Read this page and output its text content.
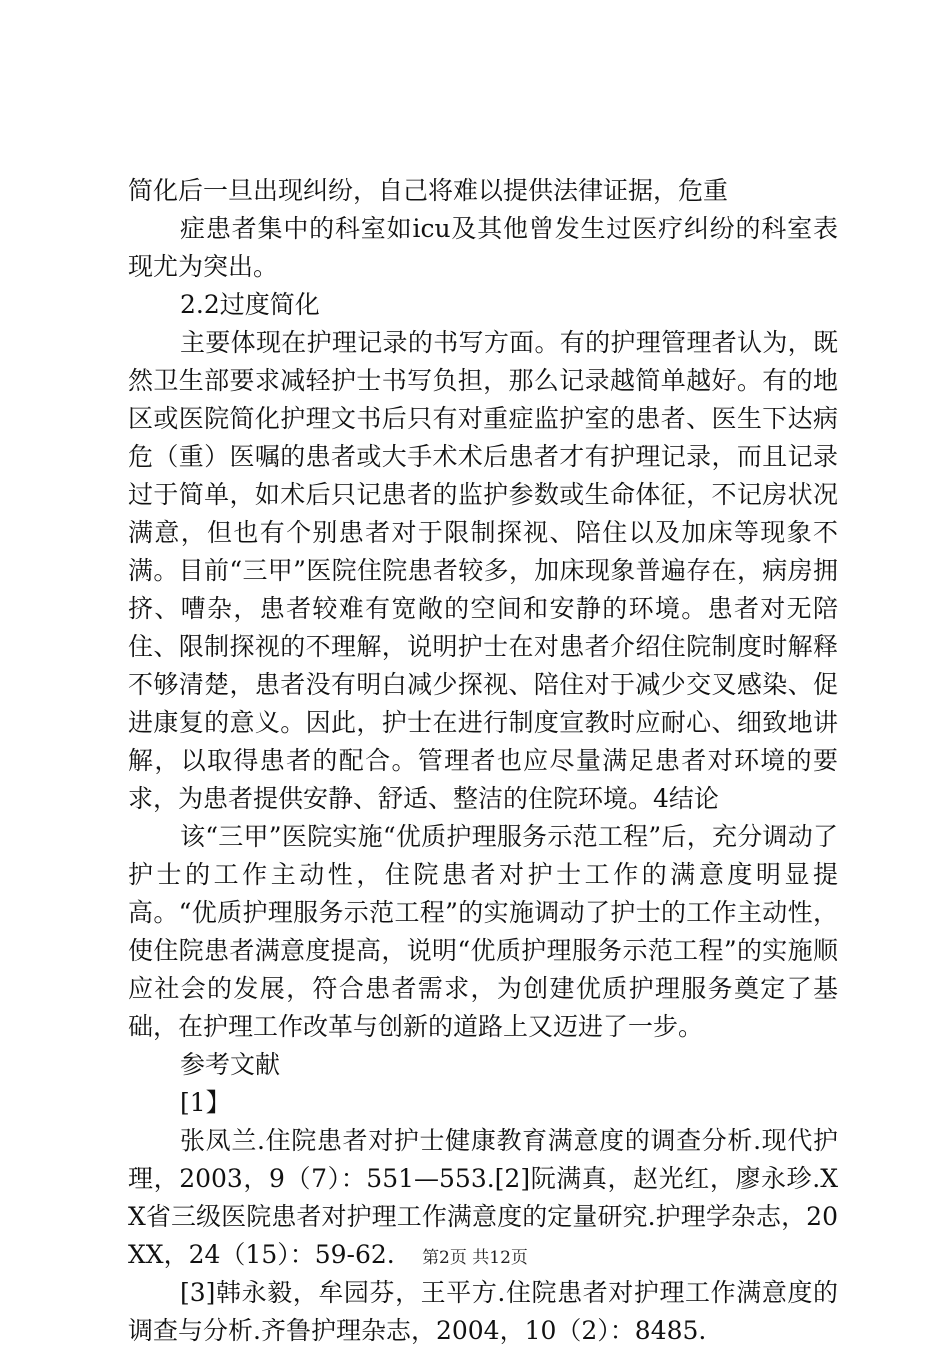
简化后一旦出现纠纷，自己将难以提供法律证据，危重

症患者集中的科室如icu及其他曾发生过医疗纠纷的科室表现尤为突出。

2.2过度简化

主要体现在护理记录的书写方面。有的护理管理者认为，既然卫生部要求减轻护士书写负担，那么记录越简单越好。有的地区或医院简化护理文书后只有对重症监护室的患者、医生下达病危（重）医嘱的患者或大手术术后患者才有护理记录，而且记录过于简单，如术后只记患者的监护参数或生命体征，不记房状况满意，但也有个别患者对于限制探视、陪住以及加床等现象不满。目前“三甲”医院住院患者较多，加床现象普遍存在，病房拥挤、嘈杂，患者较难有宽敞的空间和安静的环境。患者对无陪住、限制探视的不理解，说明护士在对患者介绍住院制度时解释不够清楚，患者没有明白减少探视、陪住对于减少交叉感染、促进康复的意义。因此，护士在进行制度宣教时应耐心、细致地讲解，以取得患者的配合。管理者也应尽量满足患者对环境的要求，为患者提供安静、舒适、整洁的住院环境。4结论

该“三甲”医院实施“优质护理服务示范工程”后，充分调动了护士的工作主动性，住院患者对护士工作的满意度明显提高。“优质护理服务示范工程”的实施调动了护士的工作主动性，使住院患者满意度提高，说明“优质护理服务示范工程”的实施顺应社会的发展，符合患者需求，为创建优质护理服务奠定了基础，在护理工作改革与创新的道路上又迈进了一步。

参考文献

[1】

张凤兰.住院患者对护士健康教育满意度的调查分析.现代护理，2003，9（7）：551—553.[2]阮满真，赵光红，廖永珍.XX省三级医院患者对护理工作满意度的定量研究.护理学杂志，20XX，24（15）：59-62.

[3]韩永毅，牟园芬，王平方.住院患者对护理工作满意度的调查与分析.齐鲁护理杂志，2004，10（2）：8485.

第2页 共12页
